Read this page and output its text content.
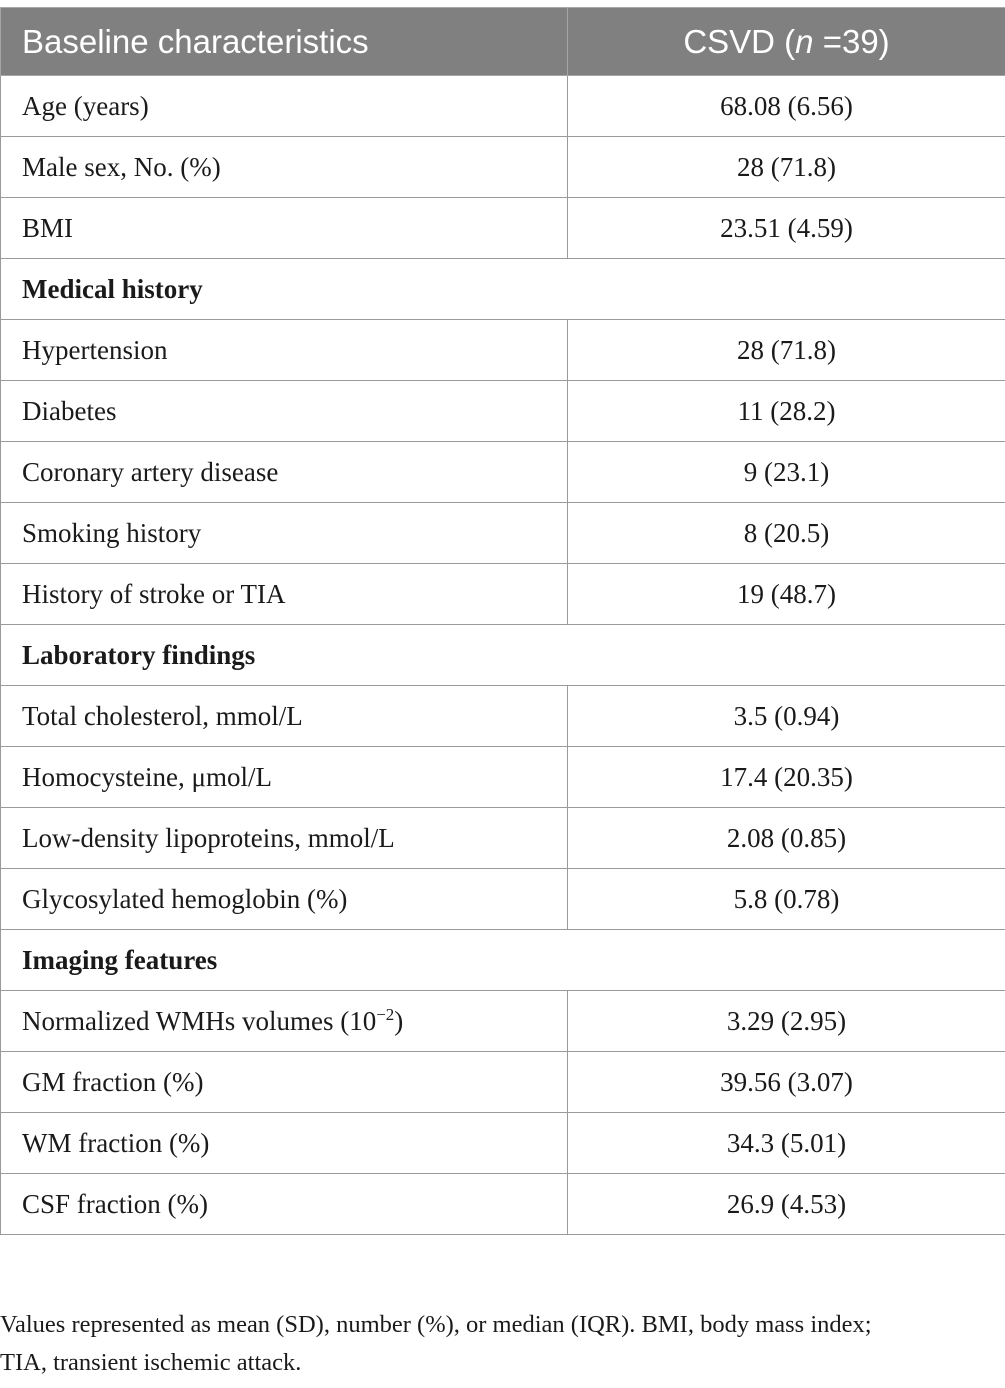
Baseline characteristics	CSVD (n =39)
Age (years)	68.08 (6.56)
Male sex, No. (%)	28 (71.8)
BMI	23.51 (4.59)
Medical history	
Hypertension	28 (71.8)
Diabetes	11 (28.2)
Coronary artery disease	9 (23.1)
Smoking history	8 (20.5)
History of stroke or TIA	19 (48.7)
Laboratory findings	
Total cholesterol, mmol/L	3.5 (0.94)
Homocysteine, μmol/L	17.4 (20.35)
Low-density lipoproteins, mmol/L	2.08 (0.85)
Glycosylated hemoglobin (%)	5.8 (0.78)
Imaging features	
Normalized WMHs volumes $(10^{-2})$	3.29 (2.95)
GM fraction (%)	39.56 (3.07)
WM fraction (%)	34.3 (5.01)
CSF fraction (%)	26.9 (4.53)
Values represented as mean (SD), number (%), or median (IQR). BMI, body mass index;
TIA, transient ischemic attack.
